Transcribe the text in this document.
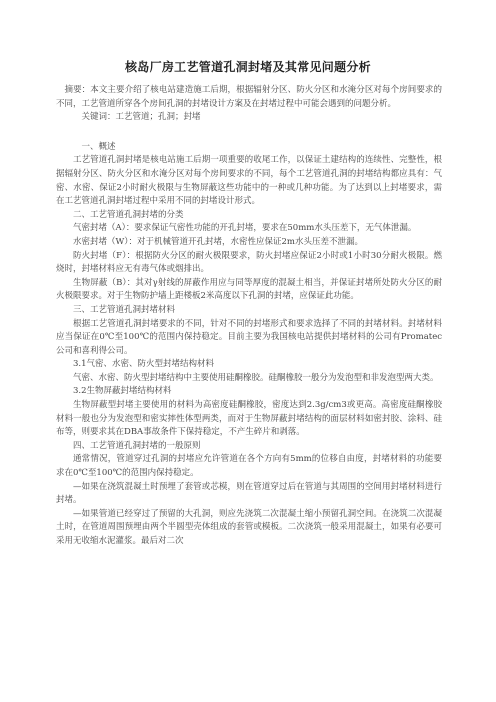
核岛厂房工艺管道孔洞封堵及其常见问题分析

摘要：本文主要介绍了核电站建造施工后期，根据辐射分区、防火分区和水淹分区对每个房间要求的不同，工艺管道所穿各个房间孔洞的封堵设计方案及在封堵过程中可能会遇到的问题分析。

关键词：工艺管道；孔洞；封堵

一、概述

工艺管道孔洞封堵是核电站施工后期一项重要的收尾工作，以保证土建结构的连续性、完整性，根据辐射分区、防火分区和水淹分区对每个房间要求的不同，每个工艺管道孔洞的封堵结构都应具有：气密、水密、保证2小时耐火极限与生物屏蔽这些功能中的一种或几种功能。为了达到以上封堵要求，需在工艺管道孔洞封堵过程中采用不同的封堵设计形式。

二、工艺管道孔洞封堵的分类

气密封堵（A）：要求保证气密性功能的开孔封堵，要求在50mm水头压差下，无气体泄漏。

水密封堵（W）：对于机械管道开孔封堵，水密性应保证2m水头压差不泄漏。

防火封堵（F）：根据防火分区的耐火极限要求，防火封堵应保证2小时或1小时30分耐火极限。燃烧时，封堵材料应无有毒气体或烟排出。

生物屏蔽（B）：其对γ射线的屏蔽作用应与同等厚度的混凝土相当，并保证封堵所处防火分区的耐火极限要求。对于生物防护墙上距楼板2米高度以下孔洞的封堵，应保证此功能。

三、工艺管道孔洞封堵材料

根据工艺管道孔洞封堵要求的不同，针对不同的封堵形式和要求选择了不同的封堵材料。封堵材料应当保证在0℃至100℃的范围内保持稳定。目前主要为我国核电站提供封堵材料的公司有Promatec公司和喜利得公司。

3.1气密、水密、防火型封堵结构材料

气密、水密、防火型封堵结构中主要使用硅酮橡胶。硅酮橡胶一般分为发泡型和非发泡型两大类。

3.2生物屏蔽封堵结构材料

生物屏蔽型封堵主要使用的材料为高密度硅酮橡胶，密度达到2.3g/cm3或更高。高密度硅酮橡胶材料一般也分为发泡型和密实摔性体型两类，而对于生物屏蔽封堵结构的面层材料如密封胶、涂料、硅布等，则要求其在DBA事故条件下保持稳定，不产生碎片和剥落。

四、工艺管道孔洞封堵的一般原则

通常情况，管道穿过孔洞的封堵应允许管道在各个方向有5mm的位移自由度，封堵材料的功能要求在0℃至100℃的范围内保持稳定。

—如果在浇筑混凝土时预埋了套管或芯模，则在管道穿过后在管道与其周围的空间用封堵材料进行封堵。

—如果管道已经穿过了预留的大孔洞，则应先浇筑二次混凝土缩小预留孔洞空间。在浇筑二次混凝土时，在管道周围预埋由两个半圆型壳体组成的套管或模板。二次浇筑一般采用混凝土，如果有必要可采用无收缩水泥灌浆。最后对二次
